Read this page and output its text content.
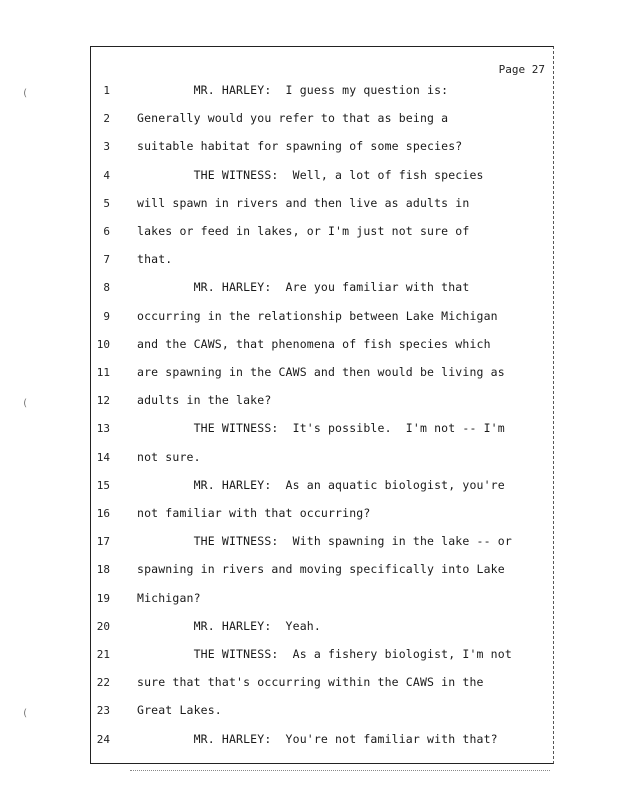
Page 27
(
(
(
1 MR. HARLEY:  I guess my question is:
2 Generally would you refer to that as being a
3 suitable habitat for spawning of some species?
4 THE WITNESS:  Well, a lot of fish species
5 will spawn in rivers and then live as adults in
6 lakes or feed in lakes, or I'm just not sure of
7 that.
8 MR. HARLEY:  Are you familiar with that
9 occurring in the relationship between Lake Michigan
10 and the CAWS, that phenomena of fish species which
11 are spawning in the CAWS and then would be living as
12 adults in the lake?
13 THE WITNESS:  It's possible.  I'm not -- I'm
14 not sure.
15 MR. HARLEY:  As an aquatic biologist, you're
16 not familiar with that occurring?
17 THE WITNESS:  With spawning in the lake -- or
18 spawning in rivers and moving specifically into Lake
19 Michigan?
20 MR. HARLEY:  Yeah.
21 THE WITNESS:  As a fishery biologist, I'm not
22 sure that that's occurring within the CAWS in the
23 Great Lakes.
24 MR. HARLEY:  You're not familiar with that?
